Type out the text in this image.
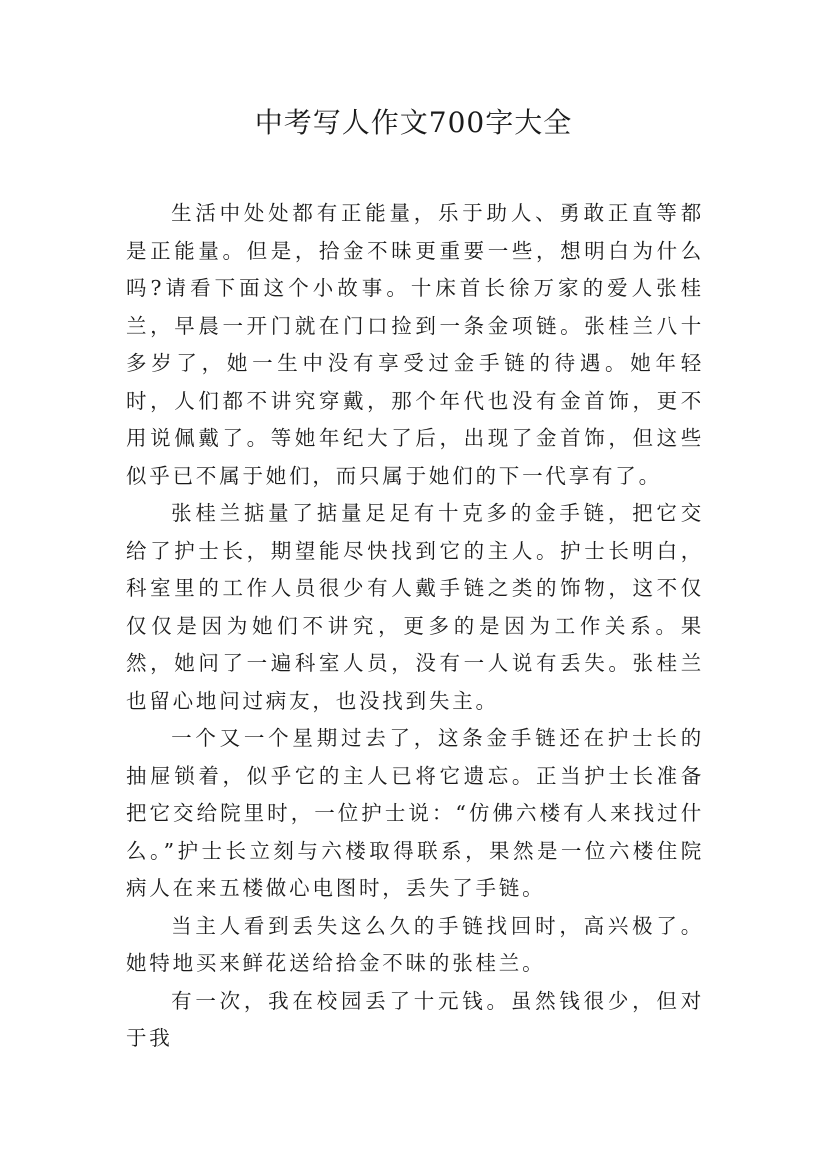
中考写人作文700字大全

生活中处处都有正能量，乐于助人、勇敢正直等都是正能量。但是，拾金不昧更重要一些，想明白为什么吗?请看下面这个小故事。十床首长徐万家的爱人张桂兰，早晨一开门就在门口捡到一条金项链。张桂兰八十多岁了，她一生中没有享受过金手链的待遇。她年轻时，人们都不讲究穿戴，那个年代也没有金首饰，更不用说佩戴了。等她年纪大了后，出现了金首饰，但这些似乎已不属于她们，而只属于她们的下一代享有了。

张桂兰掂量了掂量足足有十克多的金手链，把它交给了护士长，期望能尽快找到它的主人。护士长明白，科室里的工作人员很少有人戴手链之类的饰物，这不仅仅仅是因为她们不讲究，更多的是因为工作关系。果然，她问了一遍科室人员，没有一人说有丢失。张桂兰也留心地问过病友，也没找到失主。

一个又一个星期过去了，这条金手链还在护士长的抽屉锁着，似乎它的主人已将它遗忘。正当护士长准备把它交给院里时，一位护士说：“仿佛六楼有人来找过什么。”护士长立刻与六楼取得联系，果然是一位六楼住院病人在来五楼做心电图时，丢失了手链。

当主人看到丢失这么久的手链找回时，高兴极了。她特地买来鲜花送给拾金不昧的张桂兰。

有一次，我在校园丢了十元钱。虽然钱很少，但对于我
